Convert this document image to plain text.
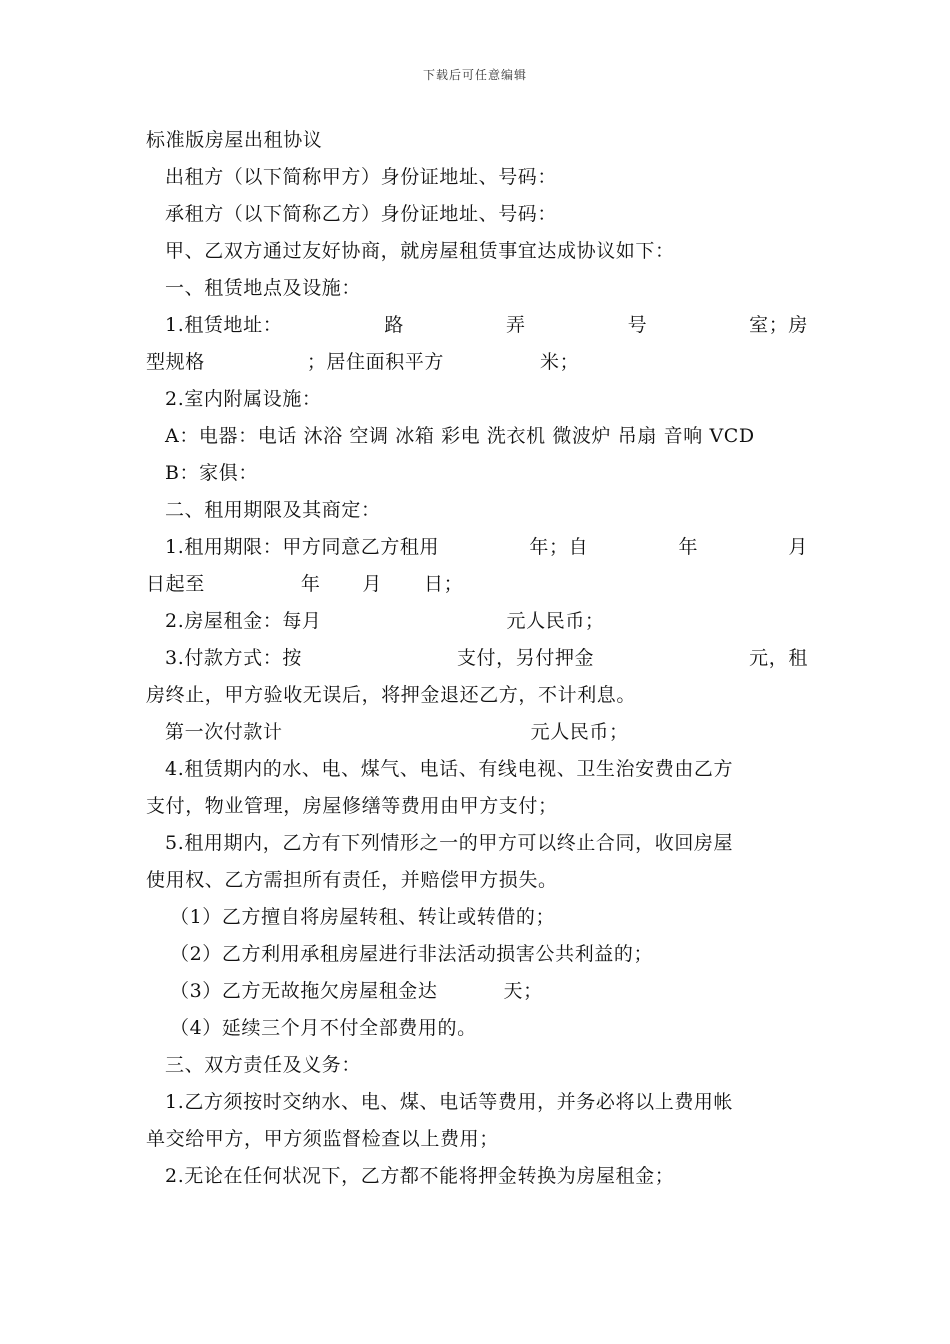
下载后可任意编辑
标准版房屋出租协议
出租方（以下简称甲方）身份证地址、号码：
承租方（以下简称乙方）身份证地址、号码：
甲、乙双方通过友好协商，就房屋租赁事宜达成协议如下：
一、租赁地点及设施：
1.租赁地址：	路	弄	号	室；房
型规格	；居住面积平方	米；
2.室内附属设施：
A：电器：电话 沐浴 空调 冰箱 彩电 洗衣机 微波炉 吊扇 音响 VCD
B：家俱：
二、租用期限及其商定：
1.租用期限：甲方同意乙方租用	年；自	年	月
日起至	年 月 日；
2.房屋租金：每月	元人民币；
3.付款方式：按	支付，另付押金	元，租
房终止，甲方验收无误后，将押金退还乙方，不计利息。
第一次付款计	元人民币；
4.租赁期内的水、电、煤气、电话、有线电视、卫生治安费由乙方
支付，物业管理，房屋修缮等费用由甲方支付；
5.租用期内，乙方有下列情形之一的甲方可以终止合同，收回房屋
使用权、乙方需担所有责任，并赔偿甲方损失。
（1）乙方擅自将房屋转租、转让或转借的；
（2）乙方利用承租房屋进行非法活动损害公共利益的；
（3）乙方无故拖欠房屋租金达	天；
（4）延续三个月不付全部费用的。
三、双方责任及义务：
1.乙方须按时交纳水、电、煤、电话等费用，并务必将以上费用帐
单交给甲方，甲方须监督检查以上费用；
2.无论在任何状况下，乙方都不能将押金转换为房屋租金；
